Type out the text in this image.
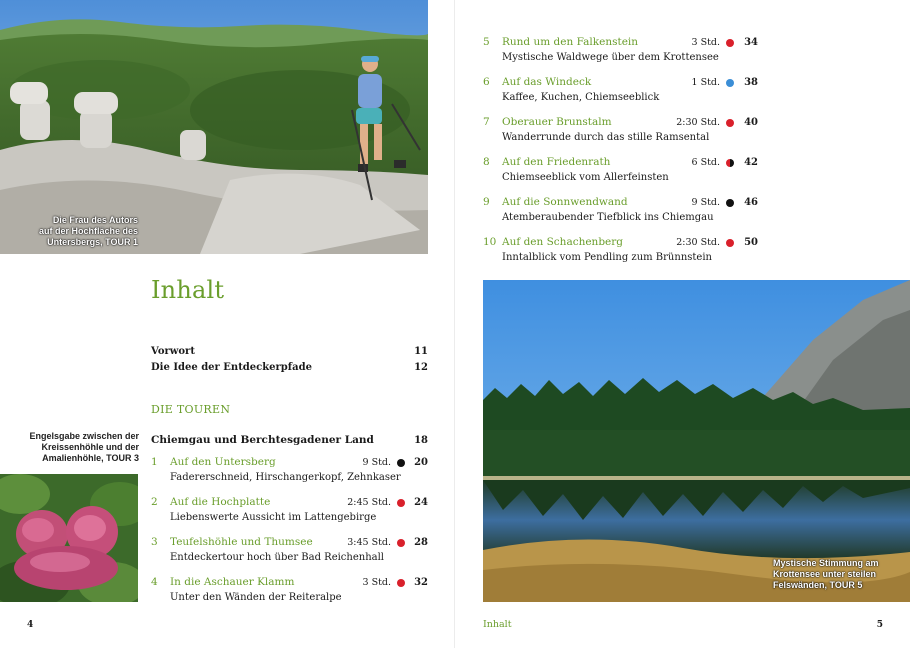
Die Frau des Autors
auf der Hochfläche des
Untersbergs, TOUR 1
Engelsgabe zwischen der
Kreissenhöhle und der
Amalienhöhle, TOUR 3
Inhalt
Vorwort	11
Die Idee der Entdeckerpfade	12
DIE TOUREN
Chiemgau und Berchtesgadener Land	18
1 Auf den Untersberg	9 Std.	20
Fadererschneid, Hirschangerkopf, Zehnkaser
2 Auf die Hochplatte	2:45 Std.	24
Liebenswerte Aussicht im Lattengebirge
3 Teufelshöhle und Thumsee	3:45 Std.	28
Entdeckertour hoch über Bad Reichenhall
4 In die Aschauer Klamm	3 Std.	32
Unter den Wänden der Reiteralpe
4
5 Rund um den Falkenstein	3 Std.	34
Mystische Waldwege über dem Krottensee
6 Auf das Windeck	1 Std.	38
Kaffee, Kuchen, Chiemseeblick
7 Oberauer Brunstalm	2:30 Std.	40
Wanderrunde durch das stille Ramsental
8 Auf den Friedenrath	6 Std.	42
Chiemseeblick vom Allerfeinsten
9 Auf die Sonnwendwand	9 Std.	46
Atemberaubender Tiefblick ins Chiemgau
10 Auf den Schachenberg	2:30 Std.	50
Inntalblick vom Pendling zum Brünnstein
Mystische Stimmung am
Krottensee unter steilen
Felswänden, TOUR 5
Inhalt	5
